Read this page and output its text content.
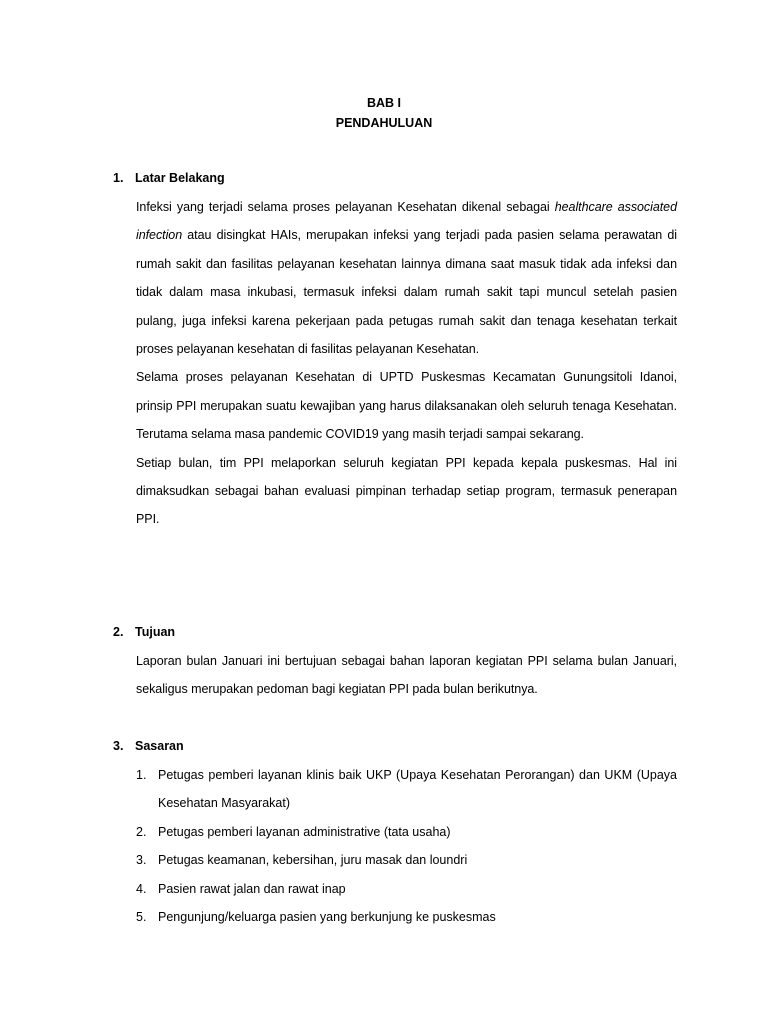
BAB I
PENDAHULUAN
1. Latar Belakang

Infeksi yang terjadi selama proses pelayanan Kesehatan dikenal sebagai healthcare associated infection atau disingkat HAIs, merupakan infeksi yang terjadi pada pasien selama perawatan di rumah sakit dan fasilitas pelayanan kesehatan lainnya dimana saat masuk tidak ada infeksi dan tidak dalam masa inkubasi, termasuk infeksi dalam rumah sakit tapi muncul setelah pasien pulang, juga infeksi karena pekerjaan pada petugas rumah sakit dan tenaga kesehatan terkait proses pelayanan kesehatan di fasilitas pelayanan Kesehatan.

Selama proses pelayanan Kesehatan di UPTD Puskesmas Kecamatan Gunungsitoli Idanoi, prinsip PPI merupakan suatu kewajiban yang harus dilaksanakan oleh seluruh tenaga Kesehatan. Terutama selama masa pandemic COVID19 yang masih terjadi sampai sekarang.

Setiap bulan, tim PPI melaporkan seluruh kegiatan PPI kepada kepala puskesmas. Hal ini dimaksudkan sebagai bahan evaluasi pimpinan terhadap setiap program, termasuk penerapan PPI.

2. Tujuan

Laporan bulan Januari ini bertujuan sebagai bahan laporan kegiatan PPI selama bulan Januari, sekaligus merupakan pedoman bagi kegiatan PPI pada bulan berikutnya.

3. Sasaran
1. Petugas pemberi layanan klinis baik UKP (Upaya Kesehatan Perorangan) dan UKM (Upaya Kesehatan Masyarakat)
2. Petugas pemberi layanan administrative (tata usaha)
3. Petugas keamanan, kebersihan, juru masak dan loundri
4. Pasien rawat jalan dan rawat inap
5. Pengunjung/keluarga pasien yang berkunjung ke puskesmas
